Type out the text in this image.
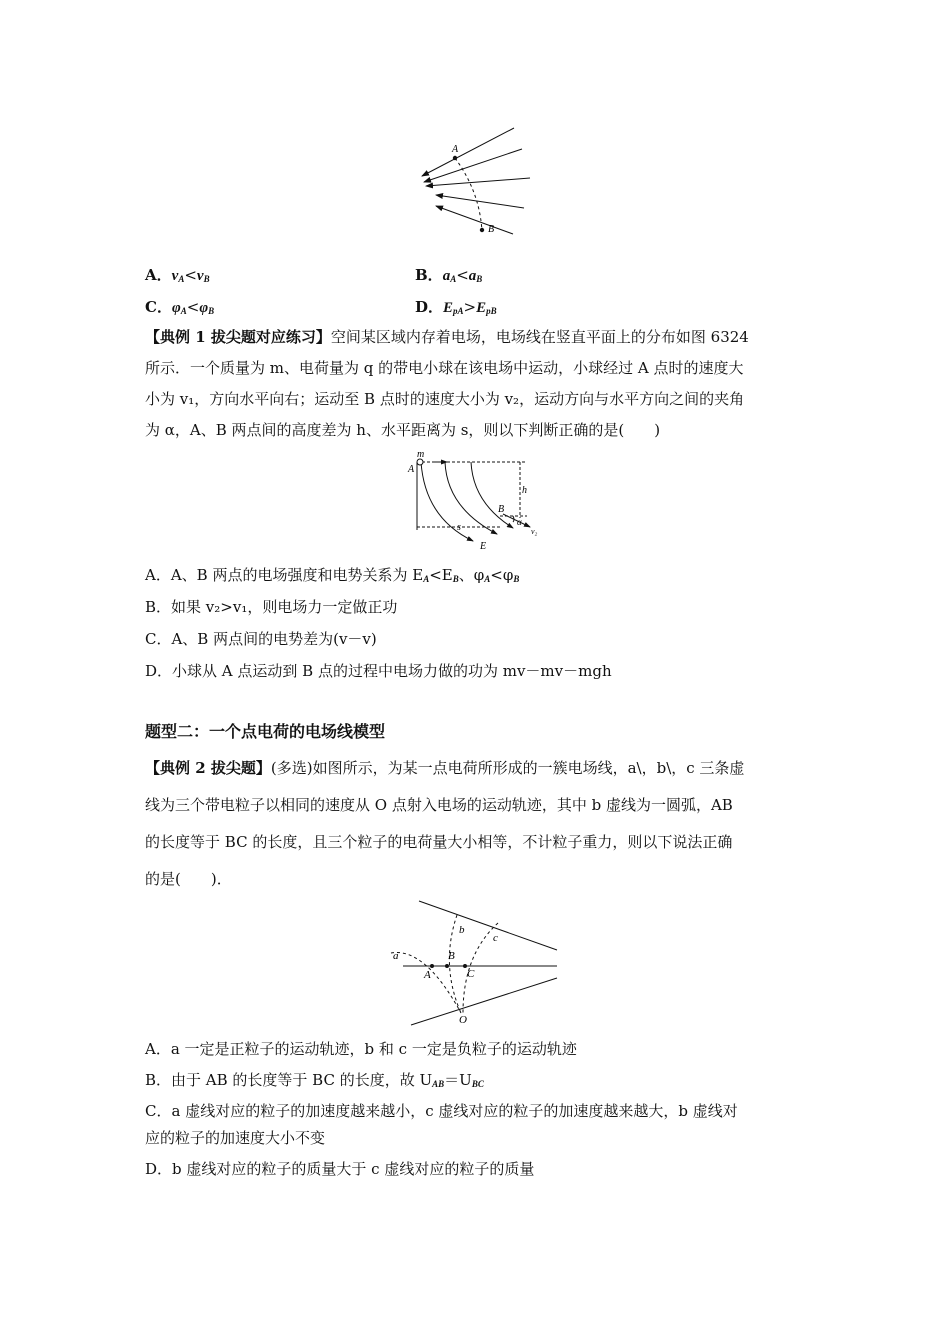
A
B
A．$v_A<v_B$	B．$a_A<a_B$
C．$\varphi_A<\varphi_B$	D．$E_{pA}>E_{pB}$
【典例 1 拔尖题对应练习】空间某区域内存着电场，电场线在竖直平面上的分布如图 6324
所示．一个质量为 m、电荷量为 q 的带电小球在该电场中运动，小球经过 A 点时的速度大
小为 v₁，方向水平向右；运动至 B 点时的速度大小为 v₂，运动方向与水平方向之间的夹角
为 α，A、B 两点间的高度差为 h、水平距离为 s，则以下判断正确的是(　　)
m
A
h
B
α
v₂
s
E
A．A、B 两点的电场强度和电势关系为 $E_A<E_B$、$\varphi_A<\varphi_B$
B．如果 v₂>v₁，则电场力一定做正功
C．A、B 两点间的电势差为(v－v)
D．小球从 A 点运动到 B 点的过程中电场力做的功为 mv－mv－mgh
题型二：一个点电荷的电场线模型
【典例 2 拔尖题】(多选)如图所示，为某一点电荷所形成的一簇电场线，a\，b\，c 三条虚
线为三个带电粒子以相同的速度从 O 点射入电场的运动轨迹，其中 b 虚线为一圆弧，AB
的长度等于 BC 的长度，且三个粒子的电荷量大小相等，不计粒子重力，则以下说法正确
的是(　　)．
a
b
c
A
B
C
O
A．a 一定是正粒子的运动轨迹，b 和 c 一定是负粒子的运动轨迹
B．由于 AB 的长度等于 BC 的长度，故 $U_{AB}=U_{BC}$
C．a 虚线对应的粒子的加速度越来越小，c 虚线对应的粒子的加速度越来越大，b 虚线对
应的粒子的加速度大小不变
D．b 虚线对应的粒子的质量大于 c 虚线对应的粒子的质量
